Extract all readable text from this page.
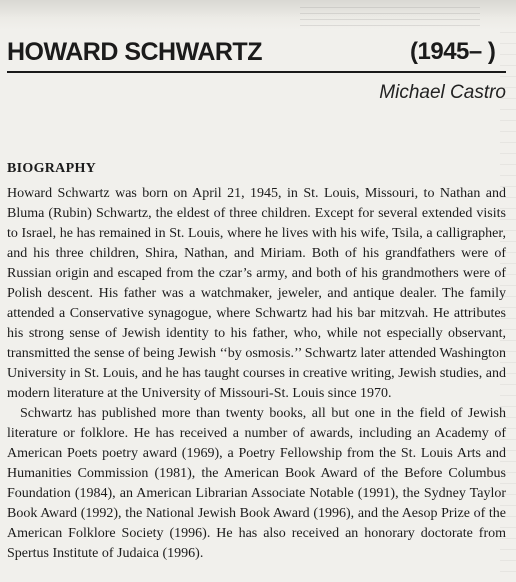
HOWARD SCHWARTZ	(1945– )
Michael Castro
BIOGRAPHY

Howard Schwartz was born on April 21, 1945, in St. Louis, Missouri, to Nathan and Bluma (Rubin) Schwartz, the eldest of three children. Except for several extended visits to Israel, he has remained in St. Louis, where he lives with his wife, Tsila, a calligrapher, and his three children, Shira, Nathan, and Miriam. Both of his grandfathers were of Russian origin and escaped from the czar’s army, and both of his grandmothers were of Polish descent. His father was a watchmaker, jeweler, and antique dealer. The family attended a Conservative synagogue, where Schwartz had his bar mitzvah. He attributes his strong sense of Jewish identity to his father, who, while not especially observant, transmitted the sense of being Jewish ‘‘by osmosis.’’ Schwartz later attended Washington University in St. Louis, and he has taught courses in creative writing, Jewish studies, and modern literature at the University of Missouri-St. Louis since 1970.

Schwartz has published more than twenty books, all but one in the field of Jewish literature or folklore. He has received a number of awards, including an Academy of American Poets poetry award (1969), a Poetry Fellowship from the St. Louis Arts and Humanities Commission (1981), the American Book Award of the Before Columbus Foundation (1984), an American Librarian Associate Notable (1991), the Sydney Taylor Book Award (1992), the National Jewish Book Award (1996), and the Aesop Prize of the American Folklore Society (1996). He has also received an honorary doctorate from Spertus Institute of Judaica (1996).
